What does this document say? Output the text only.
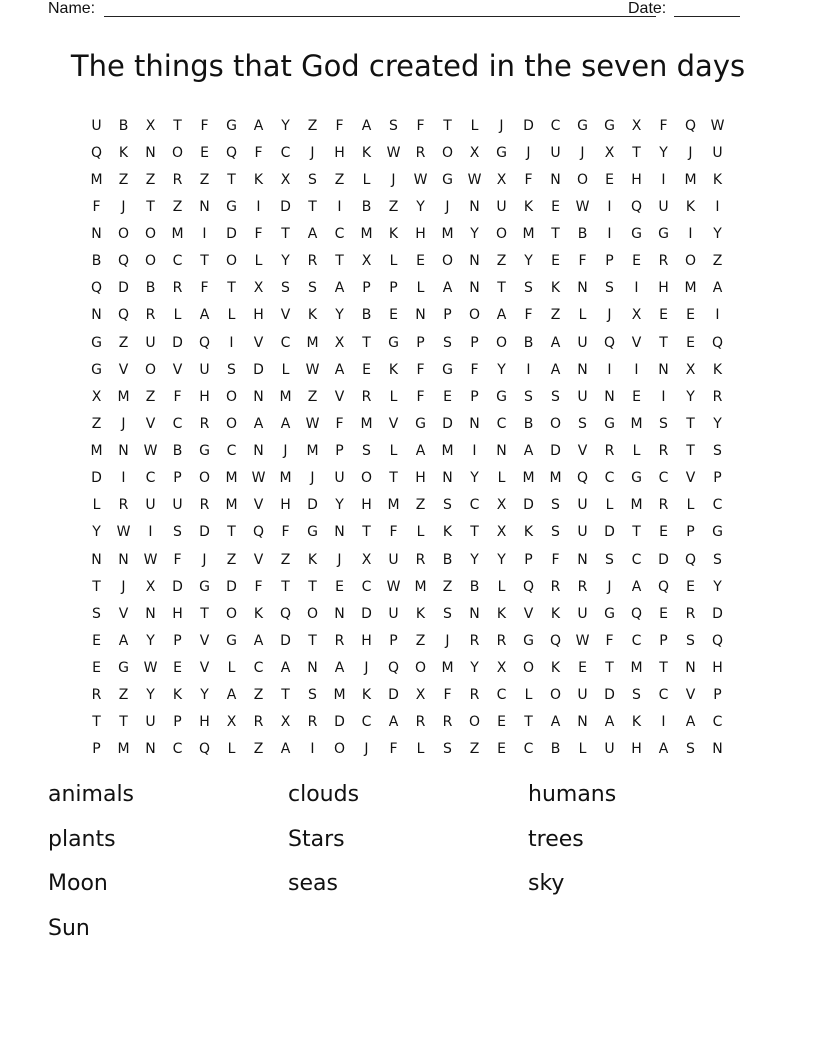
Name:	Date:
The things that God created in the seven days
U	B	X	T	F	G	A	Y	Z	F	A	S	F	T	L	J	D	C	G	G	X	F	Q	W
Q	K	N	O	E	Q	F	C	J	H	K	W	R	O	X	G	J	U	J	X	T	Y	J	U
M	Z	Z	R	Z	T	K	X	S	Z	L	J	W	G	W	X	F	N	O	E	H	I	M	K
F	J	T	Z	N	G	I	D	T	I	B	Z	Y	J	N	U	K	E	W	I	Q	U	K	I
N	O	O	M	I	D	F	T	A	C	M	K	H	M	Y	O	M	T	B	I	G	G	I	Y
B	Q	O	C	T	O	L	Y	R	T	X	L	E	O	N	Z	Y	E	F	P	E	R	O	Z
Q	D	B	R	F	T	X	S	S	A	P	P	L	A	N	T	S	K	N	S	I	H	M	A
N	Q	R	L	A	L	H	V	K	Y	B	E	N	P	O	A	F	Z	L	J	X	E	E	I
G	Z	U	D	Q	I	V	C	M	X	T	G	P	S	P	O	B	A	U	Q	V	T	E	Q
G	V	O	V	U	S	D	L	W	A	E	K	F	G	F	Y	I	A	N	I	I	N	X	K
X	M	Z	F	H	O	N	M	Z	V	R	L	F	E	P	G	S	S	U	N	E	I	Y	R
Z	J	V	C	R	O	A	A	W	F	M	V	G	D	N	C	B	O	S	G	M	S	T	Y
M	N	W	B	G	C	N	J	M	P	S	L	A	M	I	N	A	D	V	R	L	R	T	S
D	I	C	P	O	M	W	M	J	U	O	T	H	N	Y	L	M	M	Q	C	G	C	V	P
L	R	U	U	R	M	V	H	D	Y	H	M	Z	S	C	X	D	S	U	L	M	R	L	C
Y	W	I	S	D	T	Q	F	G	N	T	F	L	K	T	X	K	S	U	D	T	E	P	G
N	N	W	F	J	Z	V	Z	K	J	X	U	R	B	Y	Y	P	F	N	S	C	D	Q	S
T	J	X	D	G	D	F	T	T	E	C	W	M	Z	B	L	Q	R	R	J	A	Q	E	Y
S	V	N	H	T	O	K	Q	O	N	D	U	K	S	N	K	V	K	U	G	Q	E	R	D
E	A	Y	P	V	G	A	D	T	R	H	P	Z	J	R	R	G	Q	W	F	C	P	S	Q
E	G	W	E	V	L	C	A	N	A	J	Q	O	M	Y	X	O	K	E	T	M	T	N	H
R	Z	Y	K	Y	A	Z	T	S	M	K	D	X	F	R	C	L	O	U	D	S	C	V	P
T	T	U	P	H	X	R	X	R	D	C	A	R	R	O	E	T	A	N	A	K	I	A	C
P	M	N	C	Q	L	Z	A	I	O	J	F	L	S	Z	E	C	B	L	U	H	A	S	N
animals	clouds	humans
plants	Stars	trees
Moon	seas	sky
Sun
